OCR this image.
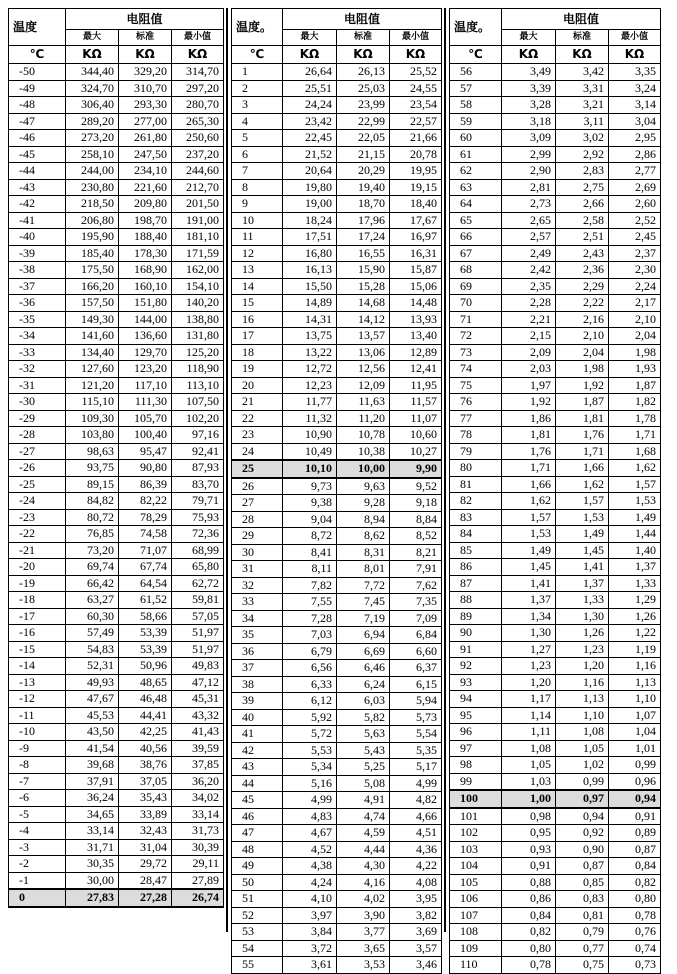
温度	电阻值		
	最大	标准	最小值
℃	KΩ	KΩ	KΩ
-50	344,40	329,20	314,70
-49	324,70	310,70	297,20
-48	306,40	293,30	280,70
-47	289,20	277,00	265,30
-46	273,20	261,80	250,60
-45	258,10	247,50	237,20
-44	244,00	234,10	244,60
-43	230,80	221,60	212,70
-42	218,50	209,80	201,50
-41	206,80	198,70	191,00
-40	195,90	188,40	181,10
-39	185,40	178,30	171,59
-38	175,50	168,90	162,00
-37	166,20	160,10	154,10
-36	157,50	151,80	140,20
-35	149,30	144,00	138,80
-34	141,60	136,60	131,80
-33	134,40	129,70	125,20
-32	127,60	123,20	118,90
-31	121,20	117,10	113,10
-30	115,10	111,30	107,50
-29	109,30	105,70	102,20
-28	103,80	100,40	97,16
-27	98,63	95,47	92,41
-26	93,75	90,80	87,93
-25	89,15	86,39	83,70
-24	84,82	82,22	79,71
-23	80,72	78,29	75,93
-22	76,85	74,58	72,36
-21	73,20	71,07	68,99
-20	69,74	67,74	65,80
-19	66,42	64,54	62,72
-18	63,27	61,52	59,81
-17	60,30	58,66	57,05
-16	57,49	53,39	51,97
-15	54,83	53,39	51,97
-14	52,31	50,96	49,83
-13	49,93	48,65	47,12
-12	47,67	46,48	45,31
-11	45,53	44,41	43,32
-10	43,50	42,25	41,43
-9	41,54	40,56	39,59
-8	39,68	38,76	37,85
-7	37,91	37,05	36,20
-6	36,24	35,43	34,02
-5	34,65	33,89	33,14
-4	33,14	32,43	31,73
-3	31,71	31,04	30,39
-2	30,35	29,72	29,11
-1	30,00	28,47	27,89
0	27,83	27,28	26,74
温度。	电阻值		
	最大	标准	最小值
℃	KΩ	KΩ	KΩ
1	26,64	26,13	25,52
2	25,51	25,03	24,55
3	24,24	23,99	23,54
4	23,42	22,99	22,57
5	22,45	22,05	21,66
6	21,52	21,15	20,78
7	20,64	20,29	19,95
8	19,80	19,40	19,15
9	19,00	18,70	18,40
10	18,24	17,96	17,67
11	17,51	17,24	16,97
12	16,80	16,55	16,31
13	16,13	15,90	15,87
14	15,50	15,28	15,06
15	14,89	14,68	14,48
16	14,31	14,12	13,93
17	13,75	13,57	13,40
18	13,22	13,06	12,89
19	12,72	12,56	12,41
20	12,23	12,09	11,95
21	11,77	11,63	11,57
22	11,32	11,20	11,07
23	10,90	10,78	10,60
24	10,49	10,38	10,27
25	10,10	10,00	9,90
26	9,73	9,63	9,52
27	9,38	9,28	9,18
28	9,04	8,94	8,84
29	8,72	8,62	8,52
30	8,41	8,31	8,21
31	8,11	8,01	7,91
32	7,82	7,72	7,62
33	7,55	7,45	7,35
34	7,28	7,19	7,09
35	7,03	6,94	6,84
36	6,79	6,69	6,60
37	6,56	6,46	6,37
38	6,33	6,24	6,15
39	6,12	6,03	5,94
40	5,92	5,82	5,73
41	5,72	5,63	5,54
42	5,53	5,43	5,35
43	5,34	5,25	5,17
44	5,16	5,08	4,99
45	4,99	4,91	4,82
46	4,83	4,74	4,66
47	4,67	4,59	4,51
48	4,52	4,44	4,36
49	4,38	4,30	4,22
50	4,24	4,16	4,08
51	4,10	4,02	3,95
52	3,97	3,90	3,82
53	3,84	3,77	3,69
54	3,72	3,65	3,57
55	3,61	3,53	3,46
温度。	电阻值		
	最大	标准	最小值
℃	KΩ	KΩ	KΩ
56	3,49	3,42	3,35
57	3,39	3,31	3,24
58	3,28	3,21	3,14
59	3,18	3,11	3,04
60	3,09	3,02	2,95
61	2,99	2,92	2,86
62	2,90	2,83	2,77
63	2,81	2,75	2,69
64	2,73	2,66	2,60
65	2,65	2,58	2,52
66	2,57	2,51	2,45
67	2,49	2,43	2,37
68	2,42	2,36	2,30
69	2,35	2,29	2,24
70	2,28	2,22	2,17
71	2,21	2,16	2,10
72	2,15	2,10	2,04
73	2,09	2,04	1,98
74	2,03	1,98	1,93
75	1,97	1,92	1,87
76	1,92	1,87	1,82
77	1,86	1,81	1,78
78	1,81	1,76	1,71
79	1,76	1,71	1,68
80	1,71	1,66	1,62
81	1,66	1,62	1,57
82	1,62	1,57	1,53
83	1,57	1,53	1,49
84	1,53	1,49	1,44
85	1,49	1,45	1,40
86	1,45	1,41	1,37
87	1,41	1,37	1,33
88	1,37	1,33	1,29
89	1,34	1,30	1,26
90	1,30	1,26	1,22
91	1,27	1,23	1,19
92	1,23	1,20	1,16
93	1,20	1,16	1,13
94	1,17	1,13	1,10
95	1,14	1,10	1,07
96	1,11	1,08	1,04
97	1,08	1,05	1,01
98	1,05	1,02	0,99
99	1,03	0,99	0,96
100	1,00	0,97	0,94
101	0,98	0,94	0,91
102	0,95	0,92	0,89
103	0,93	0,90	0,87
104	0,91	0,87	0,84
105	0,88	0,85	0,82
106	0,86	0,83	0,80
107	0,84	0,81	0,78
108	0,82	0,79	0,76
109	0,80	0,77	0,74
110	0,78	0,75	0,73
